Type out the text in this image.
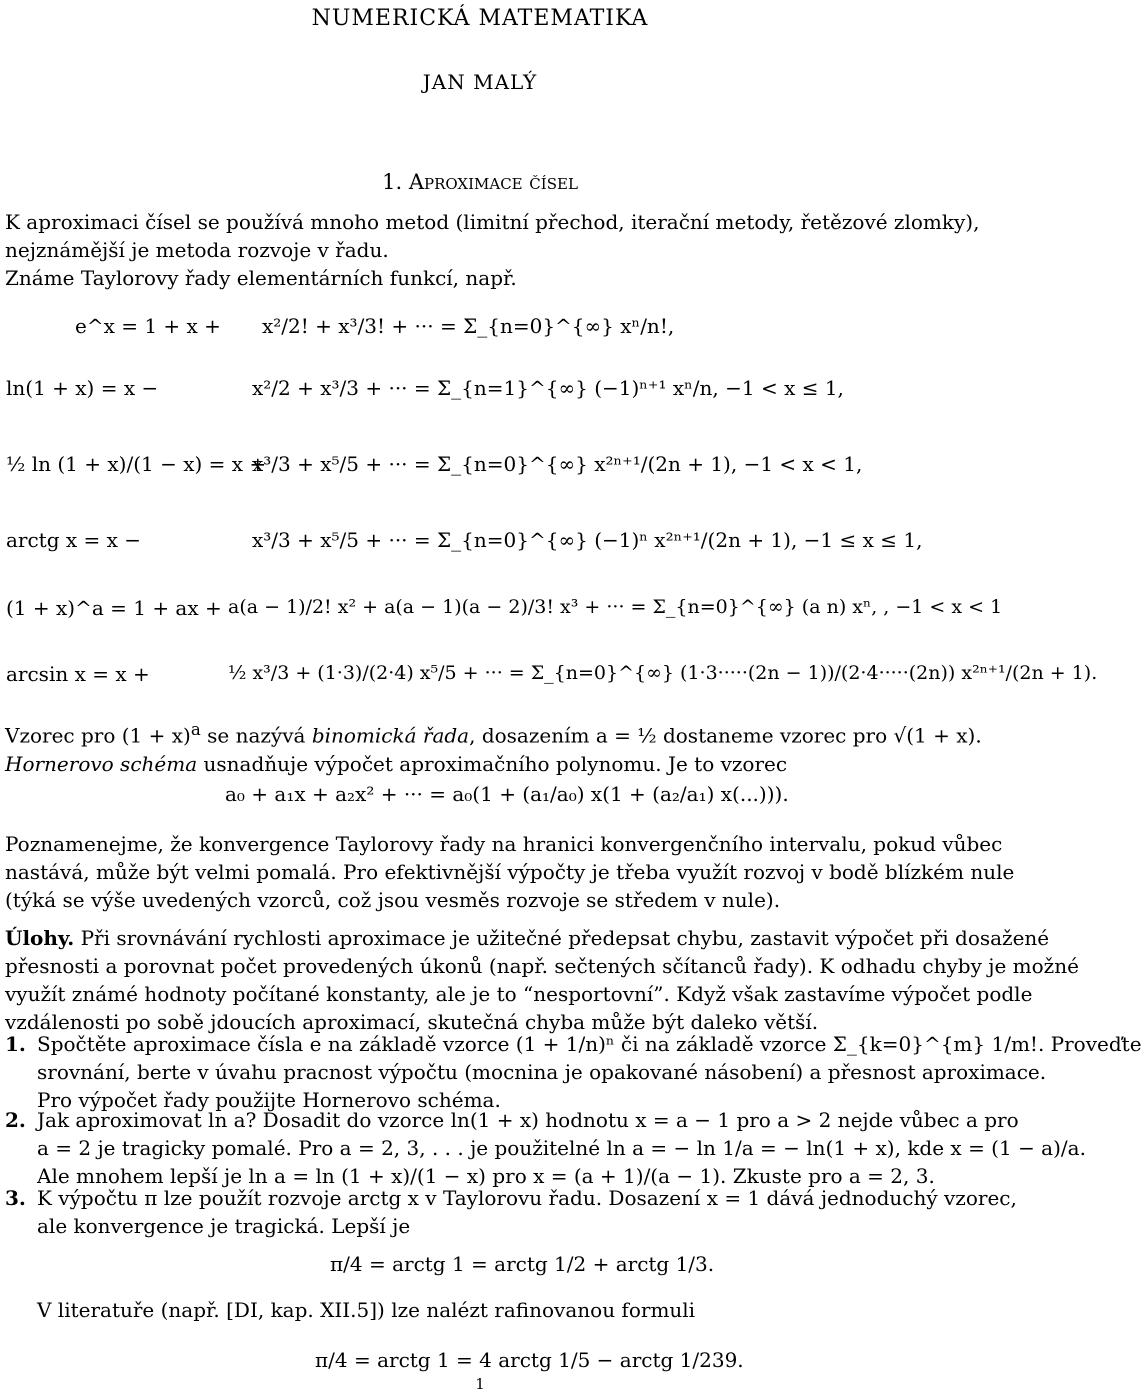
NUMERICKÁ MATEMATIKA
JAN MALÝ
1. Aproximace čísel
K aproximaci čísel se používá mnoho metod (limitní přechod, iterační metody, řetězové zlomky),
nejznámější je metoda rozvoje v řadu.
Známe Taylorovy řady elementárních funkcí, např.
e^x = 1 + x + x²/2! + x³/3! + ··· = Σ_{n=0}^{∞} xⁿ/n!,
ln(1 + x) = x −	x²/2 + x³/3 + ··· = Σ_{n=1}^{∞} (−1)ⁿ⁺¹ xⁿ/n, −1 < x ≤ 1,
½ ln (1 + x)/(1 − x) = x +
x³/3 + x⁵/5 + ··· = Σ_{n=0}^{∞} x²ⁿ⁺¹/(2n + 1), −1 < x < 1,
arctg x = x −	x³/3 + x⁵/5 + ··· = Σ_{n=0}^{∞} (−1)ⁿ x²ⁿ⁺¹/(2n + 1), −1 ≤ x ≤ 1,
(1 + x)^a = 1 + ax + a(a − 1)/2! x² + a(a − 1)(a − 2)/3! x³ + ··· = Σ_{n=0}^{∞} (a n) xⁿ, , −1 < x < 1
arcsin x = x +	½ x³/3 + (1·3)/(2·4) x⁵/5 + ··· = Σ_{n=0}^{∞} (1·3·····(2n − 1))/(2·4·····(2n)) x²ⁿ⁺¹/(2n + 1).
Vzorec pro $(1 + x)^a$ se nazývá binomická řada, dosazením a = ½ dostaneme vzorec pro √(1 + x).
Hornerovo schéma usnadňuje výpočet aproximačního polynomu. Je to vzorec
a₀ + a₁x + a₂x² + ··· = a₀(1 + (a₁/a₀) x(1 + (a₂/a₁) x(...))).
Poznamenejme, že konvergence Taylorovy řady na hranici konvergenčního intervalu, pokud vůbec
nastává, může být velmi pomalá. Pro efektivnější výpočty je třeba využít rozvoj v bodě blízkém nule
(týká se výše uvedených vzorců, což jsou vesměs rozvoje se středem v nule).
Úlohy. Při srovnávání rychlosti aproximace je užitečné předepsat chybu, zastavit výpočet při dosažené
přesnosti a porovnat počet provedených úkonů (např. sečtených sčítanců řady). K odhadu chyby je možné
využít známé hodnoty počítané konstanty, ale je to “nesportovní”. Když však zastavíme výpočet podle
vzdálenosti po sobě jdoucích aproximací, skutečná chyba může být daleko větší.
1. Spočtěte aproximace čísla e na základě vzorce (1 + 1/n)ⁿ či na základě vzorce Σ_{k=0}^{m} 1/m!. Proveďte
srovnání, berte v úvahu pracnost výpočtu (mocnina je opakované násobení) a přesnost aproximace.
Pro výpočet řady použijte Hornerovo schéma.
2. Jak aproximovat ln a? Dosadit do vzorce ln(1 + x) hodnotu x = a − 1 pro a > 2 nejde vůbec a pro
a = 2 je tragicky pomalé. Pro a = 2, 3, . . . je použitelné ln a = − ln 1/a = − ln(1 + x), kde x = (1 − a)/a.
Ale mnohem lepší je ln a = ln (1 + x)/(1 − x) pro x = (a + 1)/(a − 1). Zkuste pro a = 2, 3.
3. K výpočtu π lze použít rozvoje arctg x v Taylorovu řadu. Dosazení x = 1 dává jednoduchý vzorec,
ale konvergence je tragická. Lepší je
π/4 = arctg 1 = arctg 1/2 + arctg 1/3.
V literatuře (např. [DI, kap. XII.5]) lze nalézt rafinovanou formuli
π/4 = arctg 1 = 4 arctg 1/5 − arctg 1/239.
1
